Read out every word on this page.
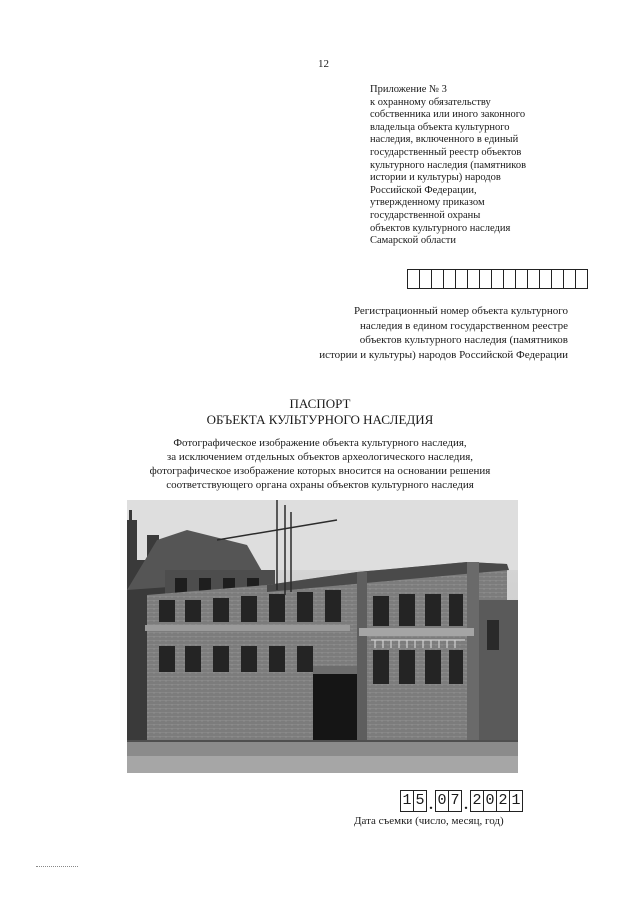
12
Приложение № 3
к охранному обязательству
собственника или иного законного
владельца объекта культурного
наследия, включенного в единый
государственный реестр объектов
культурного наследия (памятников
истории и культуры) народов
Российской Федерации,
утвержденному приказом
государственной охраны
объектов культурного наследия
Самарской области
Регистрационный номер объекта культурного
наследия в едином государственном реестре
объектов культурного наследия (памятников
истории и культуры) народов Российской Федерации
ПАСПОРТ
ОБЪЕКТА КУЛЬТУРНОГО НАСЛЕДИЯ
Фотографическое изображение объекта культурного наследия,
за исключением отдельных объектов археологического наследия,
фотографическое изображение которых вносится на основании решения
соответствующего органа охраны объектов культурного наследия
1 5 . 0 7 . 2 0 2 1
Дата съемки (число, месяц, год)
